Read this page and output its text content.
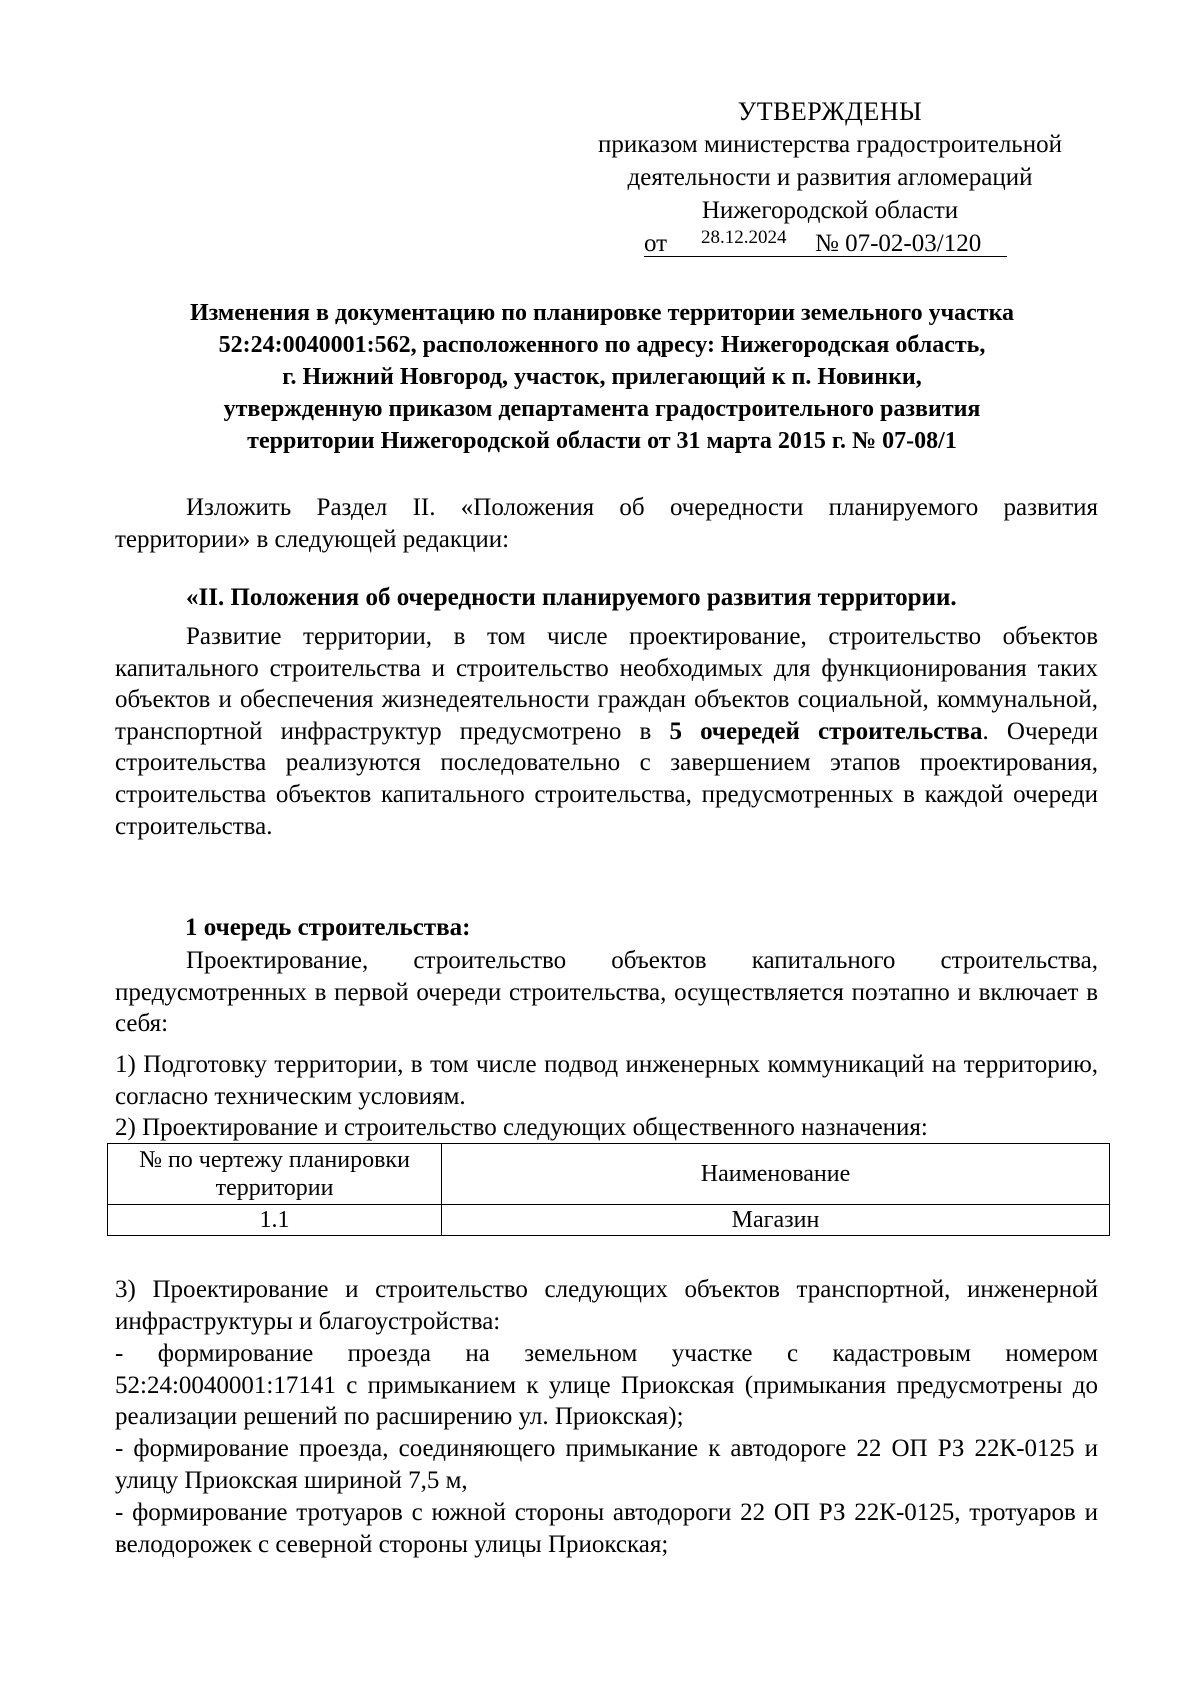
УТВЕРЖДЕНЫ
приказом министерства градостроительной
деятельности и развития агломераций
Нижегородской области
от 28.12.2024 № 07-02-03/120
Изменения в документацию по планировке территории земельного участка
52:24:0040001:562, расположенного по адресу: Нижегородская область,
г. Нижний Новгород, участок, прилегающий к п. Новинки,
утвержденную приказом департамента градостроительного развития
территории Нижегородской области от 31 марта 2015 г. № 07-08/1
Изложить Раздел II. «Положения об очередности планируемого развития территории» в следующей редакции:
«II. Положения об очередности планируемого развития территории.
Развитие территории, в том числе проектирование, строительство объектов капитального строительства и строительство необходимых для функционирования таких объектов и обеспечения жизнедеятельности граждан объектов социальной, коммунальной, транспортной инфраструктур предусмотрено в 5 очередей строительства. Очереди строительства реализуются последовательно с завершением этапов проектирования, строительства объектов капитального строительства, предусмотренных в каждой очереди строительства.
1 очередь строительства:
Проектирование, строительство объектов капитального строительства, предусмотренных в первой очереди строительства, осуществляется поэтапно и включает в себя:
1) Подготовку территории, в том числе подвод инженерных коммуникаций на территорию, согласно техническим условиям.
2) Проектирование и строительство следующих общественного назначения:
№ по чертежу планировки территории	Наименование
1.1	Магазин
3) Проектирование и строительство следующих объектов транспортной, инженерной инфраструктуры и благоустройства:
- формирование проезда на земельном участке с кадастровым номером 52:24:0040001:17141 с примыканием к улице Приокская (примыкания предусмотрены до реализации решений по расширению ул. Приокская);
- формирование проезда, соединяющего примыкание к автодороге 22 ОП РЗ 22К-0125 и улицу Приокская шириной 7,5 м,
- формирование тротуаров с южной стороны автодороги 22 ОП РЗ 22К-0125, тротуаров и велодорожек с северной стороны улицы Приокская;
